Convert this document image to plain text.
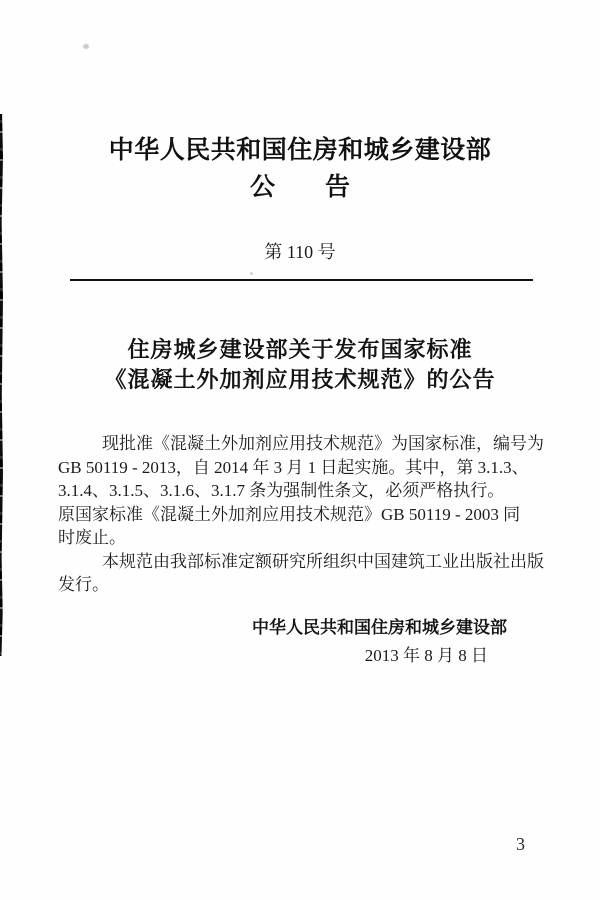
中华人民共和国住房和城乡建设部
公　　告
第 110 号
住房城乡建设部关于发布国家标准
《混凝土外加剂应用技术规范》的公告
现批准《混凝土外加剂应用技术规范》为国家标准，编号为
GB 50119 - 2013，自 2014 年 3 月 1 日起实施。其中，第 3.1.3、
3.1.4、3.1.5、3.1.6、3.1.7 条为强制性条文，必须严格执行。
原国家标准《混凝土外加剂应用技术规范》GB 50119 - 2003 同
时废止。
本规范由我部标准定额研究所组织中国建筑工业出版社出版
发行。
中华人民共和国住房和城乡建设部
2013 年 8 月 8 日
3
